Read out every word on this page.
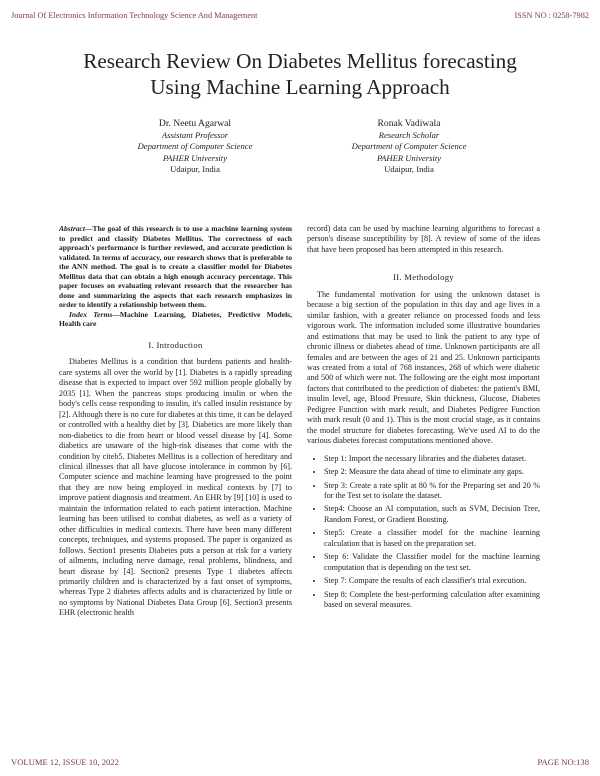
Journal Of Electronics Information Technology Science And Management	ISSN NO : 0258-7982
Research Review On Diabetes Mellitus forecasting
Using Machine Learning Approach
Dr. Neetu Agarwal
Assistant Professor
Department of Computer Science
PAHER University
Udaipur, India
Ronak Vadiwala
Research Scholar
Department of Computer Science
PAHER University
Udaipur, India

Abstract—The goal of this research is to use a machine learning system to predict and classify Diabetes Mellitus. The correctness of each approach's performance is further reviewed, and accurate prediction is validated. In terms of accuracy, our research shows that is preferable to the ANN method. The goal is to create a classifier model for Diabetes Mellitus data that can obtain a high enough accuracy percentage. This paper focuses on evaluating relevant research that the researcher has done and summarizing the aspects that each research emphasizes in order to identify a relationship between them.

Index Terms—Machine Learning, Diabetes, Predictive Models, Health care

I. Introduction

Diabetes Mellitus is a condition that burdens patients and health-care systems all over the world by [1]. Diabetes is a rapidly spreading disease that is expected to impact over 592 million people globally by 2035 [1]. When the pancreas stops producing insulin or when the body's cells cease responding to insulin, it's called insulin resistance by [2]. Although there is no cure for diabetes at this time, it can be delayed or controlled with a healthy diet by [3]. Diabetics are more likely than non-diabetics to die from heart or blood vessel disease by [4]. Some diabetics are unaware of the high-risk diseases that come with the condition by citeb5. Diabetes Mellitus is a collection of hereditary and clinical illnesses that all have glucose intolerance in common by [6]. Computer science and machine learning have progressed to the point that they are now being employed in medical contexts by [7] to improve patient diagnosis and treatment. An EHR by [9] [10] is used to maintain the information related to each patient interaction. Machine learning has been utilised to combat diabetes, as well as a variety of other difficulties in medical contexts. There have been many different concepts, techniques, and systems proposed. The paper is organized as follows. Section1 presents Diabetes puts a person at risk for a variety of ailments, including nerve damage, renal problems, blindness, and heart disease by [4]. Section2 presents Type 1 diabetes affects primarily children and is characterized by a fast onset of symptoms, whereas Type 2 diabetes affects adults and is characterized by little or no symptoms by National Diabetes Data Group [6]. Section3 presents EHR (electronic health

record) data can be used by machine learning algorithms to forecast a person's disease susceptibility by [8]. A review of some of the ideas that have been proposed has been attempted in this research.

II. Methodology

The fundamental motivation for using the unknown dataset is because a big section of the population in this day and age lives in a similar fashion, with a greater reliance on processed foods and less vigorous work. The information included some illustrative boundaries and estimations that may be used to link the patient to any type of chronic illness or diabetes ahead of time. Unknown participants are all females and are between the ages of 21 and 25. Unknown participants was created from a total of 768 instances, 268 of which were diabetic and 500 of which were not. The following are the eight most important factors that contributed to the prediction of diabetes: the patient's BMI, insulin level, age, Blood Pressure, Skin thickness, Glucose, Diabetes Pedigree Function with mark result, and Diabetes Pedigree Function with mark result (0 and 1). This is the most crucial stage, as it contains the model structure for diabetes forecasting. We've used AI to do the various diabetes forecast computations mentioned above.

• Step 1: Import the necessary libraries and the diabetes dataset.
• Step 2: Measure the data ahead of time to eliminate any gaps.
• Step 3: Create a rate split at 80 % for the Preparing set and 20 % for the Test set to isolate the dataset.
• Step4: Choose an AI computation, such as SVM, Decision Tree, Random Forest, or Gradient Boosting.
• Step5: Create a classifier model for the machine learning calculation that is based on the preparation set.
• Step 6: Validate the Classifier model for the machine learning computation that is depending on the test set.
• Step 7: Compare the results of each classifier's trial execution.
• Step 8: Complete the best-performing calculation after examining based on several measures.
VOLUME 12, ISSUE 10, 2022	PAGE NO:138
